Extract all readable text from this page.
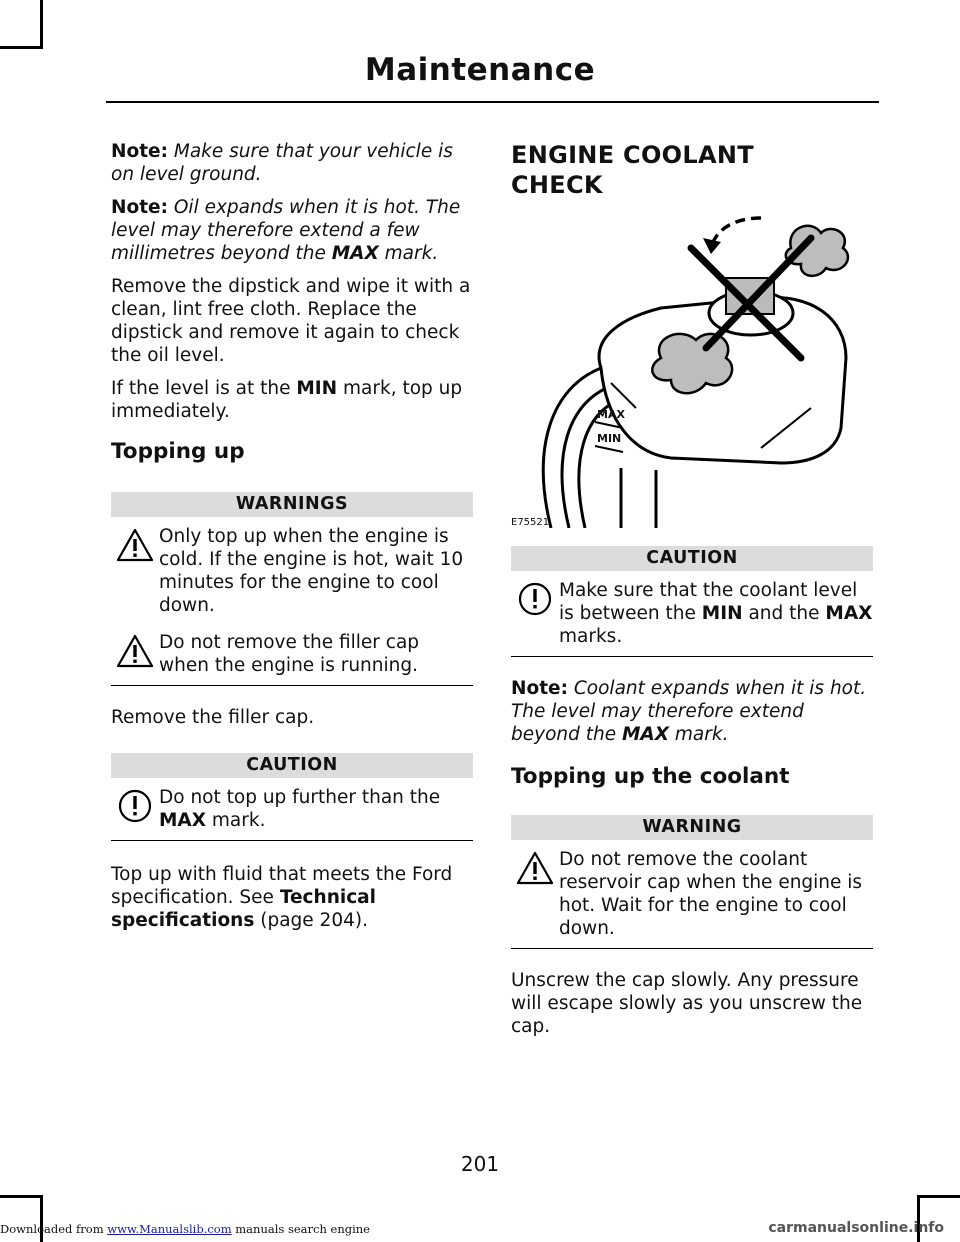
Maintenance

Note: Make sure that your vehicle is on level ground.

Note: Oil expands when it is hot. The level may therefore extend a few millimetres beyond the MAX mark.

Remove the dipstick and wipe it with a clean, lint free cloth. Replace the dipstick and remove it again to check the oil level.

If the level is at the MIN mark, top up immediately.

Topping up
WARNINGS
Only top up when the engine is cold. If the engine is hot, wait 10 minutes for the engine to cool down.
Do not remove the filler cap when the engine is running.

Remove the filler cap.

CAUTION
Do not top up further than the MAX mark.

Top up with fluid that meets the Ford specification. See Technical specifications (page 204).

ENGINE COOLANT
CHECK
MAX
MIN
E75521
CAUTION
Make sure that the coolant level is between the MIN and the MAX marks.

Note: Coolant expands when it is hot. The level may therefore extend beyond the MAX mark.

Topping up the coolant
WARNING
Do not remove the coolant reservoir cap when the engine is hot. Wait for the engine to cool down.

Unscrew the cap slowly. Any pressure will escape slowly as you unscrew the cap.

201
Downloaded from www.Manualslib.com manuals search engine	carmanualsonline.info
